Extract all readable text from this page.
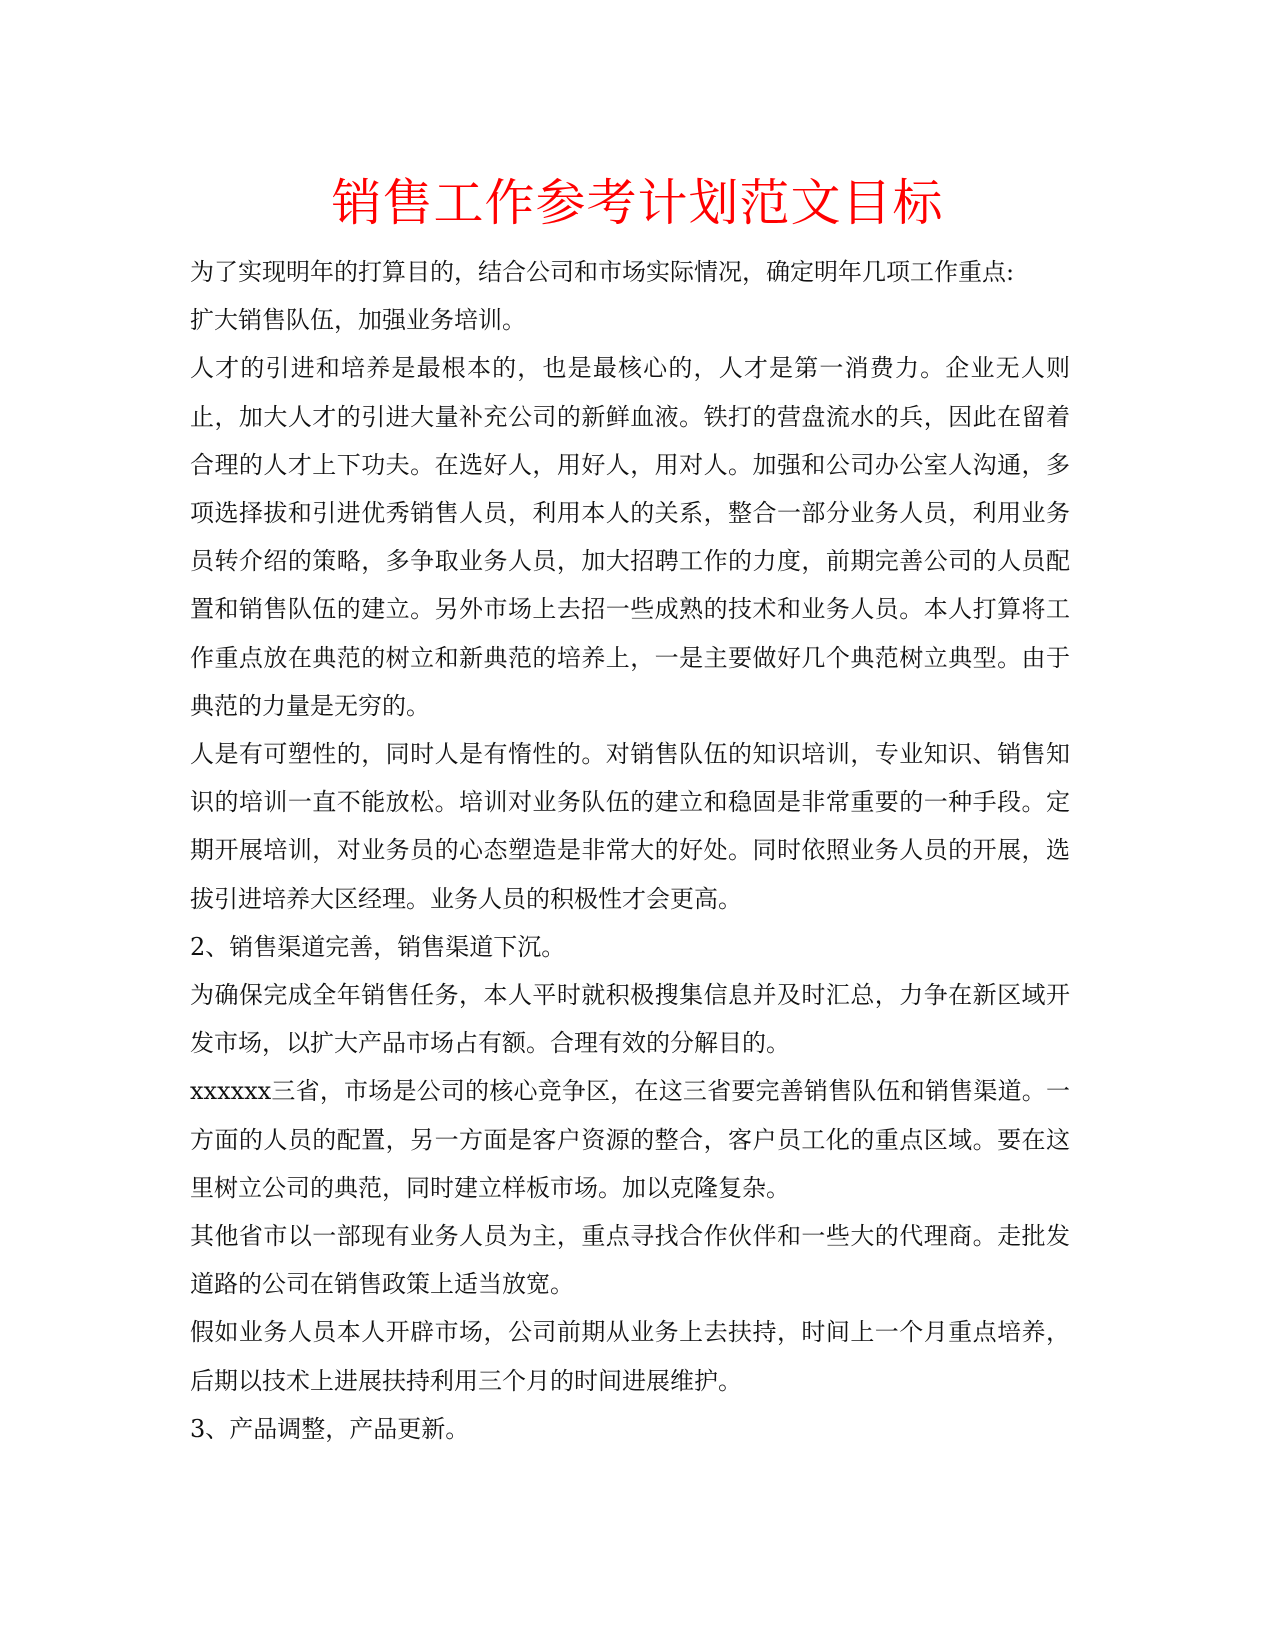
销售工作参考计划范文目标

为了实现明年的打算目的，结合公司和市场实际情况，确定明年几项工作重点:

扩大销售队伍，加强业务培训。

人才的引进和培养是最根本的，也是最核心的，人才是第一消费力。企业无人则止，加大人才的引进大量补充公司的新鲜血液。铁打的营盘流水的兵，因此在留着合理的人才上下功夫。在选好人，用好人，用对人。加强和公司办公室人沟通，多项选择拔和引进优秀销售人员，利用本人的关系，整合一部分业务人员，利用业务员转介绍的策略，多争取业务人员，加大招聘工作的力度，前期完善公司的人员配置和销售队伍的建立。另外市场上去招一些成熟的技术和业务人员。本人打算将工作重点放在典范的树立和新典范的培养上，一是主要做好几个典范树立典型。由于典范的力量是无穷的。

人是有可塑性的，同时人是有惰性的。对销售队伍的知识培训，专业知识、销售知识的培训一直不能放松。培训对业务队伍的建立和稳固是非常重要的一种手段。定期开展培训，对业务员的心态塑造是非常大的好处。同时依照业务人员的开展，选拔引进培养大区经理。业务人员的积极性才会更高。

2、销售渠道完善，销售渠道下沉。

为确保完成全年销售任务，本人平时就积极搜集信息并及时汇总，力争在新区域开发市场，以扩大产品市场占有额。合理有效的分解目的。

xxxxxx三省，市场是公司的核心竞争区，在这三省要完善销售队伍和销售渠道。一方面的人员的配置，另一方面是客户资源的整合，客户员工化的重点区域。要在这里树立公司的典范，同时建立样板市场。加以克隆复杂。

其他省市以一部现有业务人员为主，重点寻找合作伙伴和一些大的代理商。走批发道路的公司在销售政策上适当放宽。

假如业务人员本人开辟市场，公司前期从业务上去扶持，时间上一个月重点培养，后期以技术上进展扶持利用三个月的时间进展维护。

3、产品调整，产品更新。
